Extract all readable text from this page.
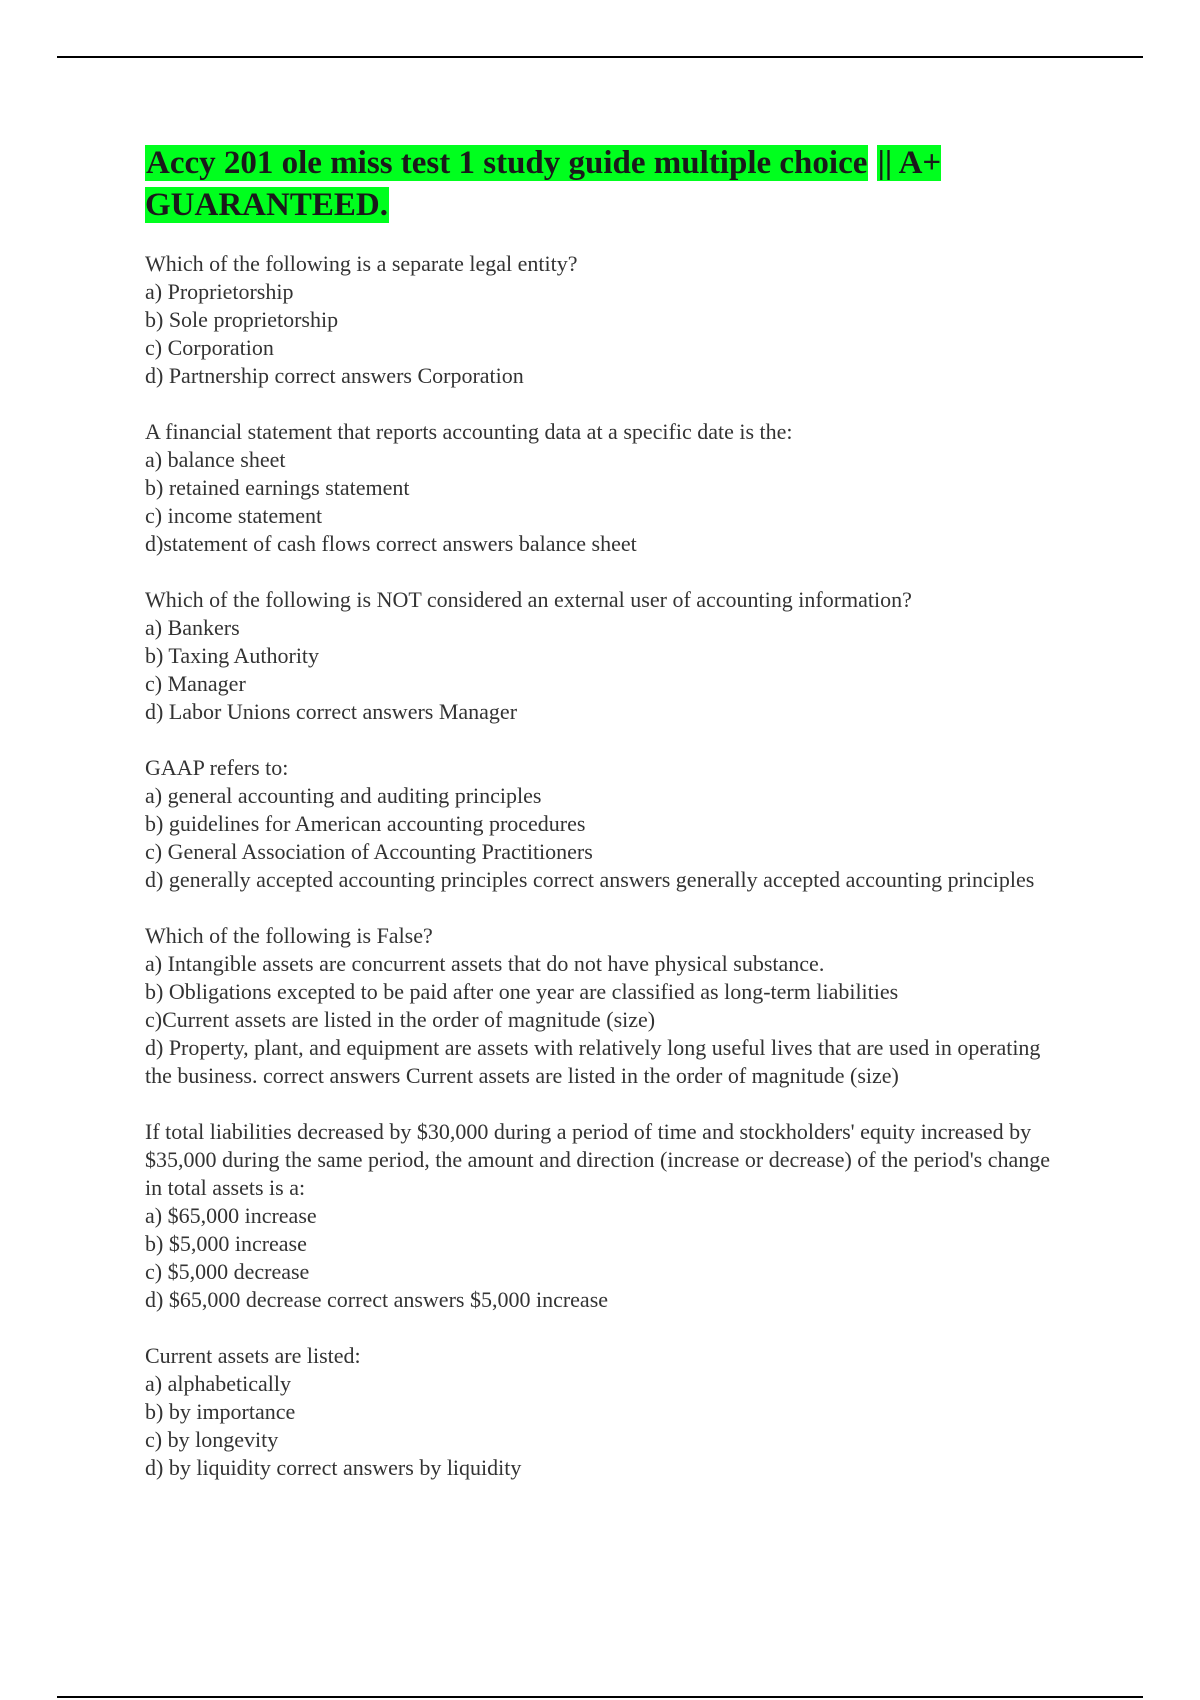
Accy 201 ole miss test 1 study guide multiple choice || A+ GUARANTEED.
Which of the following is a separate legal entity?
a) Proprietorship
b) Sole proprietorship
c) Corporation
d) Partnership correct answers Corporation
A financial statement that reports accounting data at a specific date is the:
a) balance sheet
b) retained earnings statement
c) income statement
d)statement of cash flows correct answers balance sheet
Which of the following is NOT considered an external user of accounting information?
a) Bankers
b) Taxing Authority
c) Manager
d) Labor Unions correct answers Manager
GAAP refers to:
a) general accounting and auditing principles
b) guidelines for American accounting procedures
c) General Association of Accounting Practitioners
d) generally accepted accounting principles correct answers generally accepted accounting principles
Which of the following is False?
a) Intangible assets are concurrent assets that do not have physical substance.
b) Obligations excepted to be paid after one year are classified as long-term liabilities
c)Current assets are listed in the order of magnitude (size)
d) Property, plant, and equipment are assets with relatively long useful lives that are used in operating the business. correct answers Current assets are listed in the order of magnitude (size)
If total liabilities decreased by $30,000 during a period of time and stockholders' equity increased by $35,000 during the same period, the amount and direction (increase or decrease) of the period's change in total assets is a:
a) $65,000 increase
b) $5,000 increase
c) $5,000 decrease
d) $65,000 decrease correct answers $5,000 increase
Current assets are listed:
a) alphabetically
b) by importance
c) by longevity
d) by liquidity correct answers by liquidity
